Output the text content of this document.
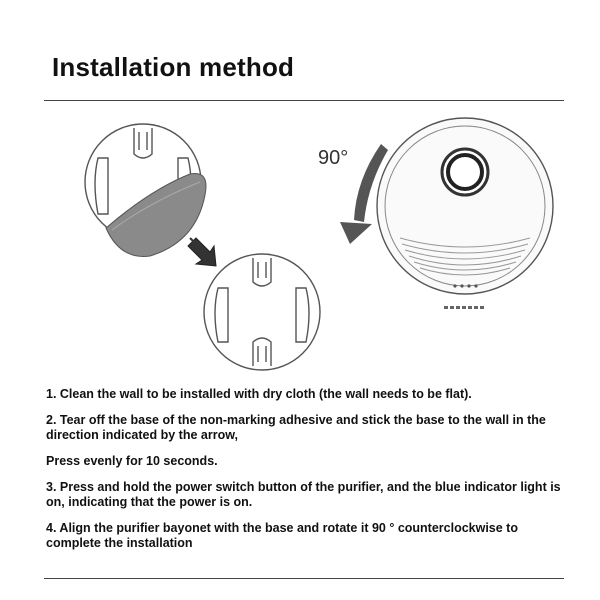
Installation method
90°

1. Clean the wall to be installed with dry cloth (the wall needs to be flat).

2. Tear off the base of the non-marking adhesive and stick the base to the wall in the direction indicated by the arrow,

Press evenly for 10 seconds.

3. Press and hold the power switch button of the purifier, and the blue indicator light is on, indicating that the power is on.

4. Align the purifier bayonet with the base and rotate it 90 ° counterclockwise to complete the installation
